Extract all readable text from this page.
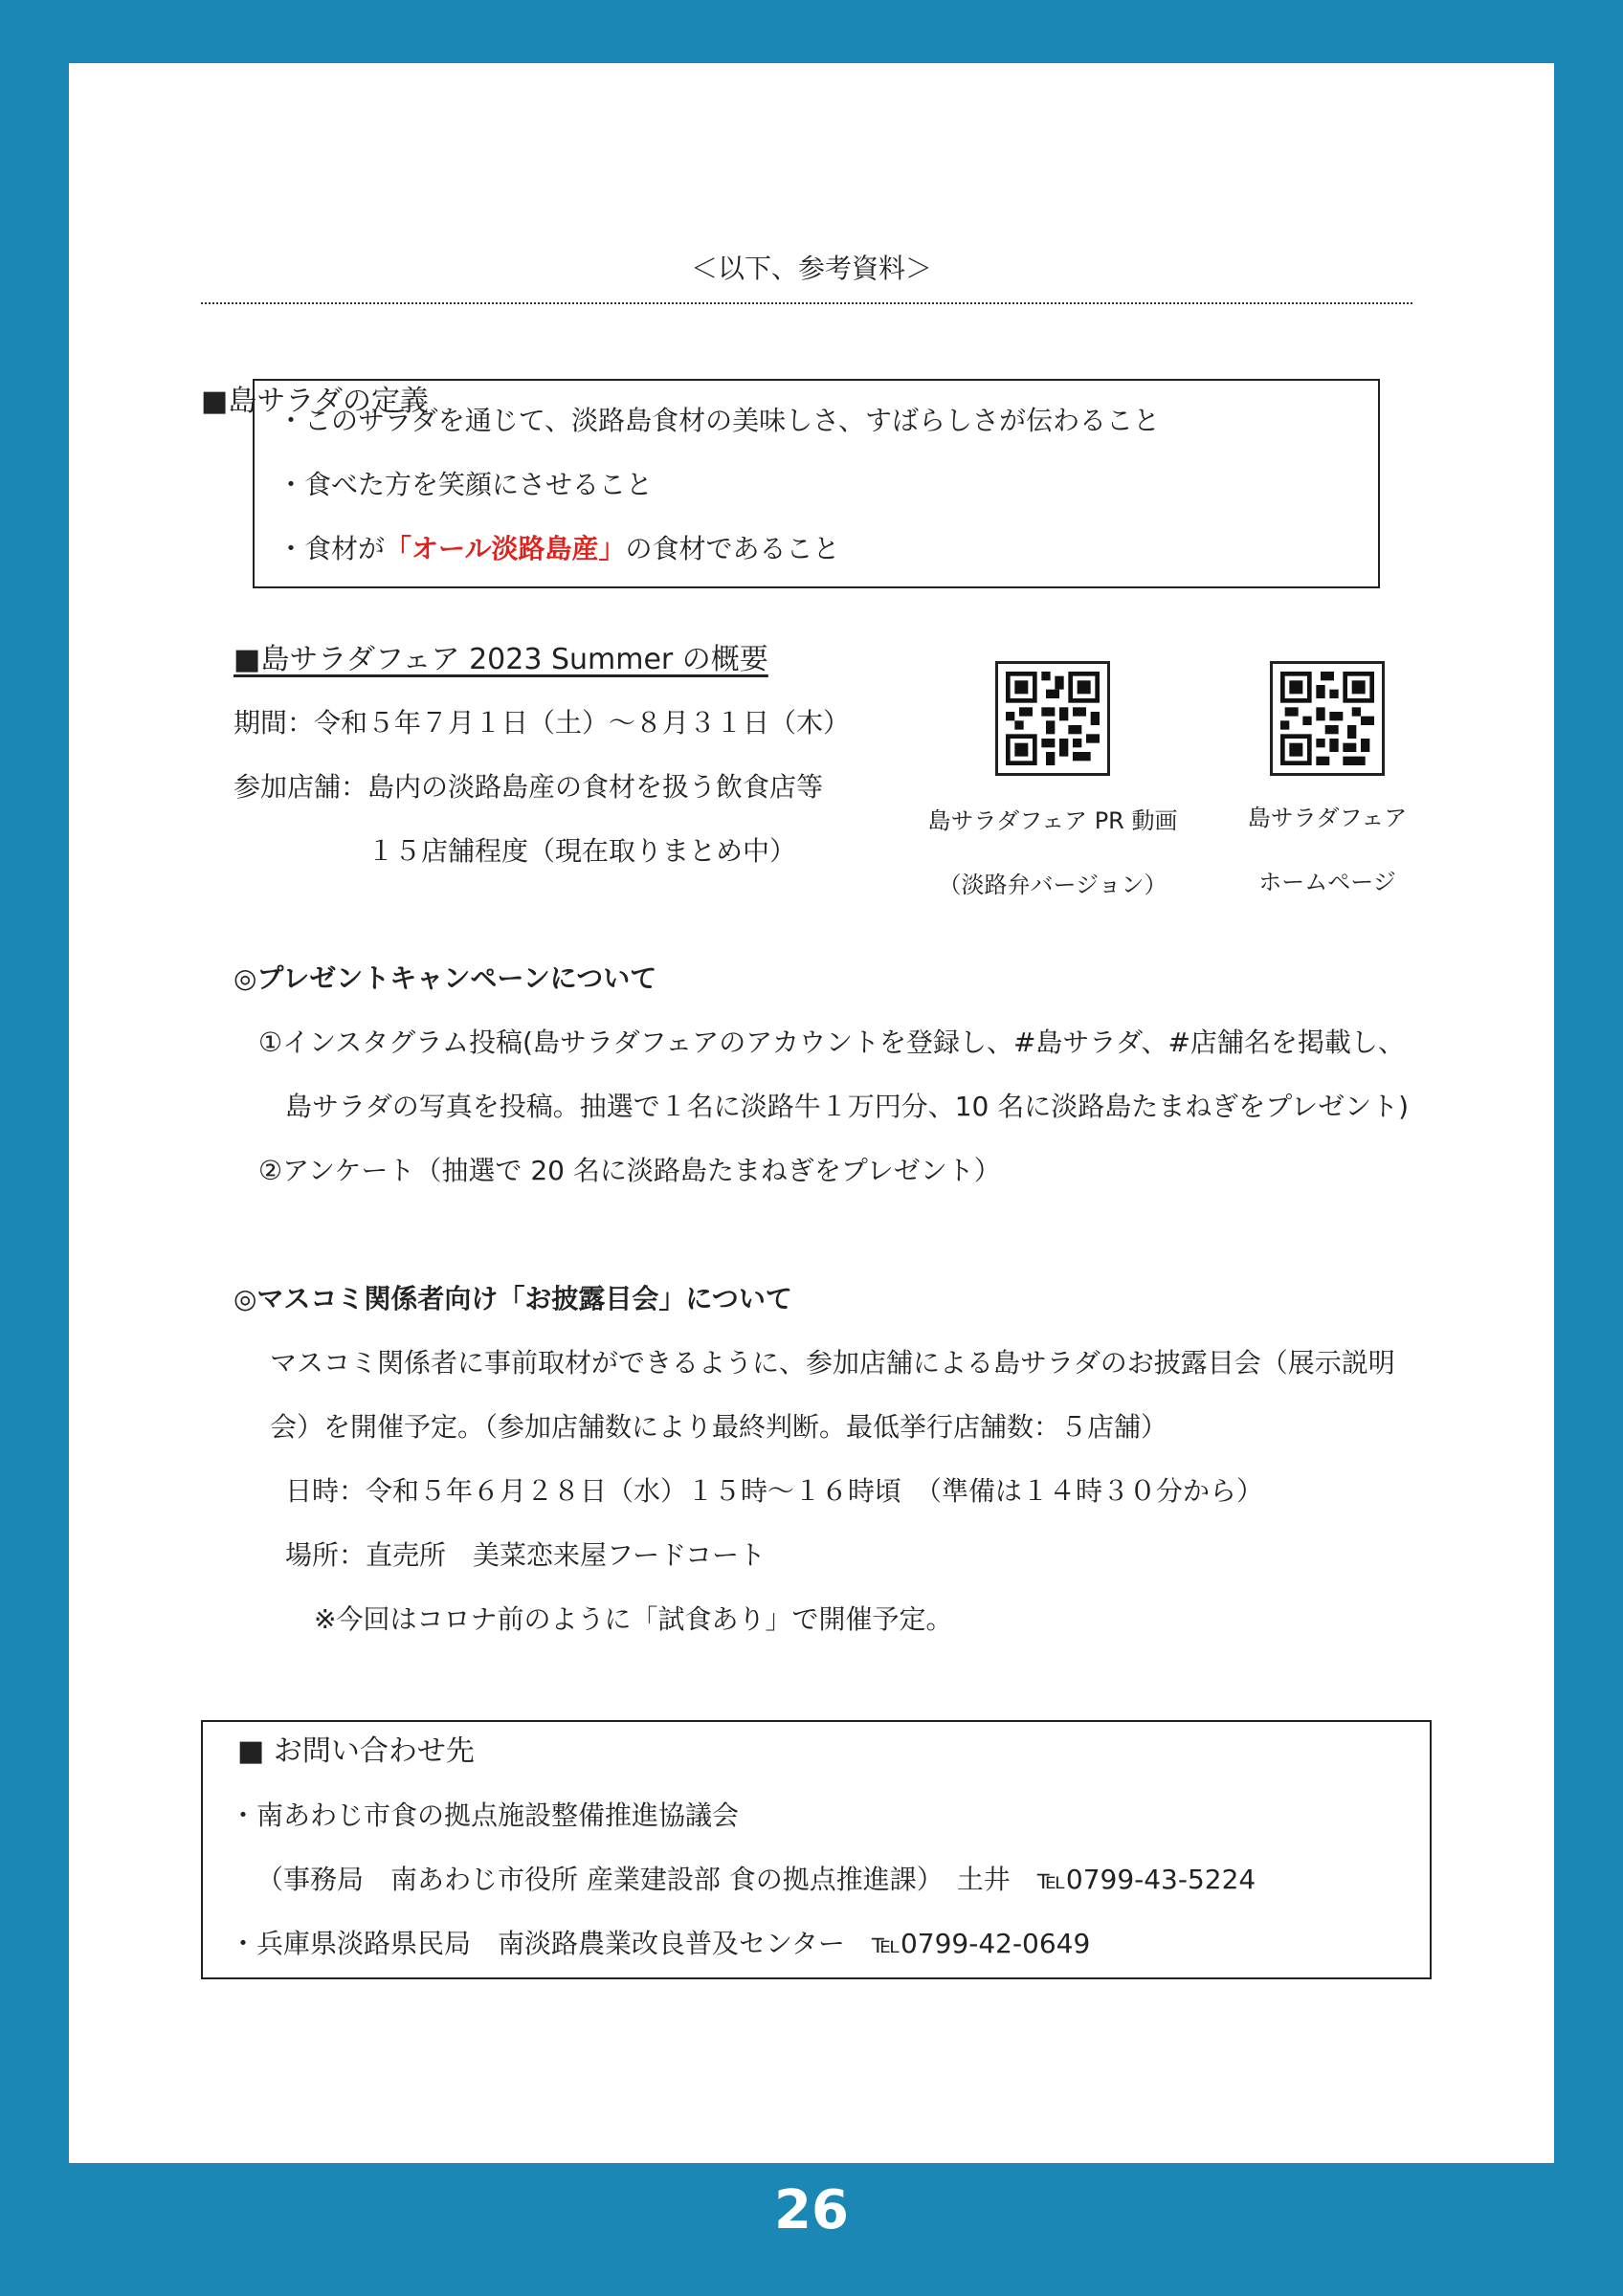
＜以下、参考資料＞
■島サラダの定義
・このサラダを通じて、淡路島食材の美味しさ、すばらしさが伝わること
・食べた方を笑顔にさせること
・食材が「オール淡路島産」の食材であること
■島サラダフェア 2023 Summer の概要
期間：令和５年７月１日（土）～８月３１日（木）
参加店舗：島内の淡路島産の食材を扱う飲食店等
１５店舗程度（現在取りまとめ中）
島サラダフェア PR 動画
（淡路弁バージョン）
島サラダフェア
ホームページ
◎プレゼントキャンペーンについて
①インスタグラム投稿(島サラダフェアのアカウントを登録し、#島サラダ、#店舗名を掲載し、
島サラダの写真を投稿。抽選で１名に淡路牛１万円分、10 名に淡路島たまねぎをプレゼント)
②アンケート（抽選で 20 名に淡路島たまねぎをプレゼント）
◎マスコミ関係者向け「お披露目会」について
マスコミ関係者に事前取材ができるように、参加店舗による島サラダのお披露目会（展示説明
会）を開催予定。（参加店舗数により最終判断。最低挙行店舗数：５店舗）
日時：令和５年６月２８日（水）１５時～１６時頃　（準備は１４時３０分から）
場所：直売所　美菜恋来屋フードコート
※今回はコロナ前のように「試食あり」で開催予定。
■ お問い合わせ先
・南あわじ市食の拠点施設整備推進協議会
（事務局　南あわじ市役所 産業建設部 食の拠点推進課）　土井　℡0799-43-5224
・兵庫県淡路県民局　南淡路農業改良普及センター　℡0799-42-0649
26
